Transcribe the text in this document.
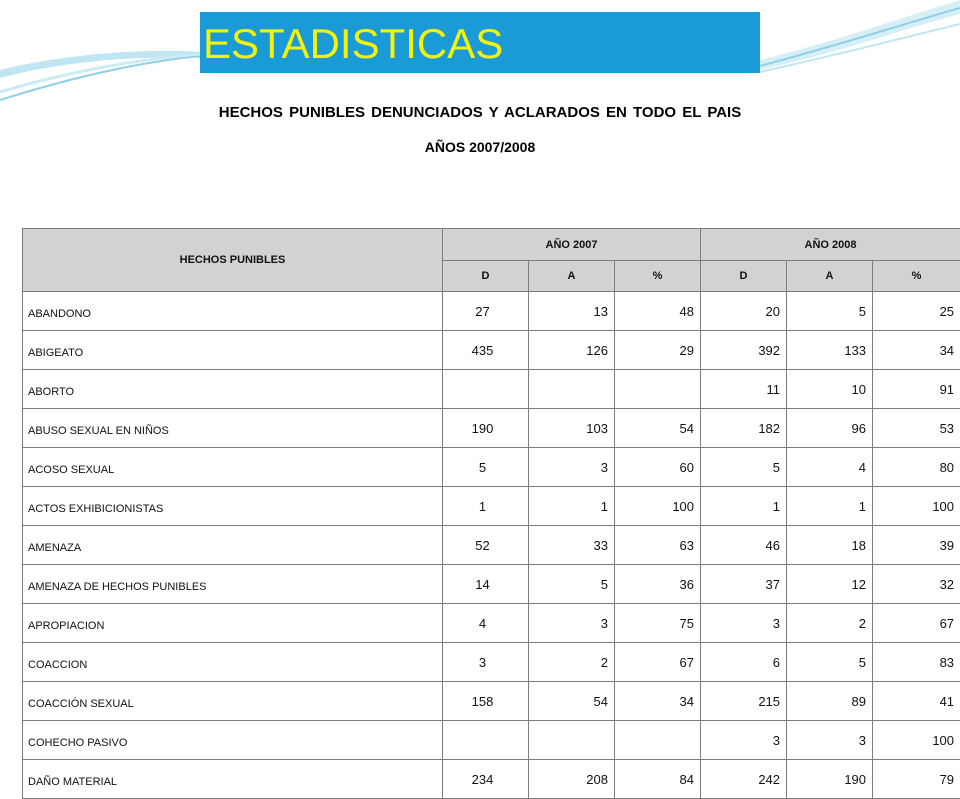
ESTADISTICAS
HECHOS PUNIBLES DENUNCIADOS Y ACLARADOS EN TODO EL PAIS
AÑOS 2007/2008
HECHOS PUNIBLES	AÑO 2007			AÑO 2008		
	D	A	%	D	A	%
ABANDONO	27	13	48	20	5	25
ABIGEATO	435	126	29	392	133	34
ABORTO				11	10	91
ABUSO SEXUAL EN NIÑOS	190	103	54	182	96	53
ACOSO SEXUAL	5	3	60	5	4	80
ACTOS EXHIBICIONISTAS	1	1	100	1	1	100
AMENAZA	52	33	63	46	18	39
AMENAZA DE HECHOS PUNIBLES	14	5	36	37	12	32
APROPIACION	4	3	75	3	2	67
COACCION	3	2	67	6	5	83
COACCIÓN SEXUAL	158	54	34	215	89	41
COHECHO PASIVO				3	3	100
DAÑO MATERIAL	234	208	84	242	190	79
